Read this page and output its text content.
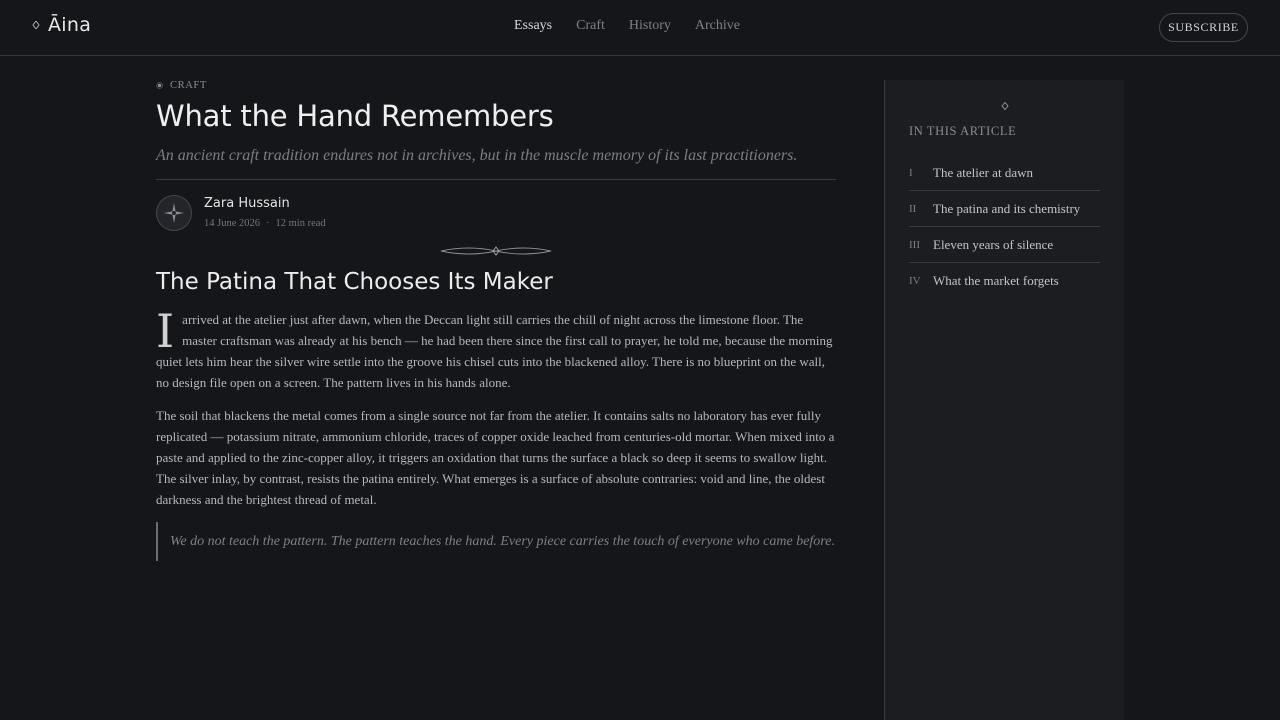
Āina	Essays Craft History Archive	SUBSCRIBE
CRAFT
What the Hand Remembers

An ancient craft tradition endures not in archives, but in the muscle memory of its last practitioners.

Zara Hussain
14 June 2026 · 12 min read
The Patina That Chooses Its Maker

Iarrived at the atelier just after dawn, when the Deccan light still carries the chill of night across the limestone floor. The master craftsman was already at his bench — he had been there since the first call to prayer, he told me, because the morning quiet lets him hear the silver wire settle into the groove his chisel cuts into the blackened alloy. There is no blueprint on the wall, no design file open on a screen. The pattern lives in his hands alone.

The soil that blackens the metal comes from a single source not far from the atelier. It contains salts no laboratory has ever fully replicated — potassium nitrate, ammonium chloride, traces of copper oxide leached from centuries-old mortar. When mixed into a paste and applied to the zinc-copper alloy, it triggers an oxidation that turns the surface a black so deep it seems to swallow light. The silver inlay, by contrast, resists the patina entirely. What emerges is a surface of absolute contraries: void and line, the oldest darkness and the brightest thread of metal.

We do not teach the pattern. The pattern teaches the hand. Every piece carries the touch of everyone who came before.
IN THIS ARTICLE
I	The atelier at dawn
II	The patina and its chemistry
III	Eleven years of silence
IV What the market forgets
